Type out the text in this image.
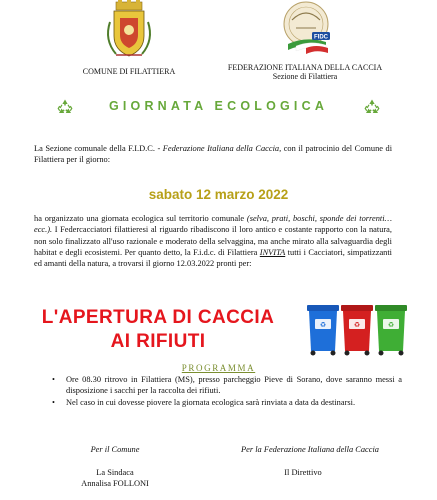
COMUNE DI FILATTIERA
FIDC
FEDERAZIONE ITALIANA DELLA CACCIA
Sezione di Filattiera
GIORNATA ECOLOGICA
La Sezione comunale della F.I.D.C. - Federazione Italiana della Caccia, con il patrocinio del Comune di Filattiera per il giorno:
sabato 12 marzo 2022
ha organizzato una giornata ecologica sul territorio comunale (selva, prati, boschi, sponde dei torrenti…ecc.). I Federcacciatori filattieresi al riguardo ribadiscono il loro antico e costante rapporto con la natura, non solo finalizzato all'uso razionale e moderato della selvaggina, ma anche mirato alla salvaguardia degli habitat e degli ecosistemi. Per quanto detto, la F.i.d.c. di Filattiera INVITA tutti i Cacciatori, simpatizzanti ed amanti della natura, a trovarsi il giorno 12.03.2022 pronti per:
L'APERTURA DI CACCIA
AI RIFIUTI
♻	♻	♻
PROGRAMMA
• Ore 08.30 ritrovo in Filattiera (MS), presso parcheggio Pieve di Sorano, dove saranno messi a disposizione i sacchi per la raccolta dei rifiuti.
• Nel caso in cui dovesse piovere la giornata ecologica sarà rinviata a data da destinarsi.
Per il Comune	Per la Federazione Italiana della Caccia
La Sindaca
Annalisa FOLLONI
Il Direttivo
